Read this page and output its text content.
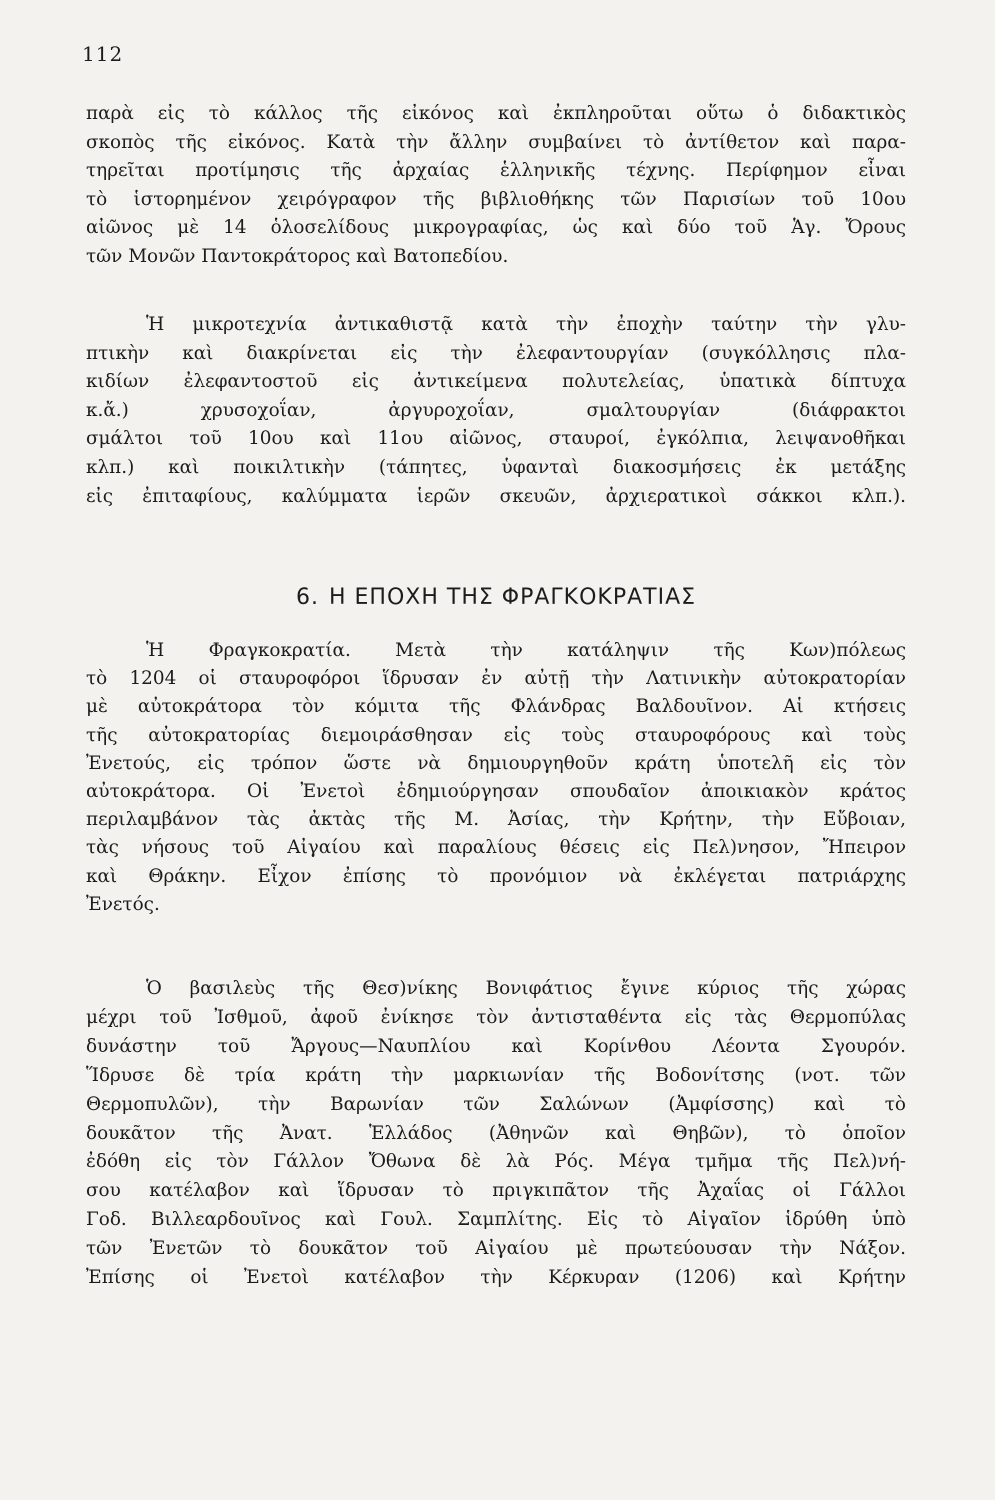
112
παρὰ εἰς τὸ κάλλος τῆς εἰκόνος καὶ ἐκπληροῦται οὕτω ὁ διδακτικὸς
σκοπὸς τῆς εἰκόνος. Κατὰ τὴν ἄλλην συμβαίνει τὸ ἀντίθετον καὶ παρα-
τηρεῖται προτίμησις τῆς ἀρχαίας ἑλληνικῆς τέχνης. Περίφημον εἶναι
τὸ ἱστορημένον χειρόγραφον τῆς βιβλιοθήκης τῶν Παρισίων τοῦ 10ου
αἰῶνος μὲ 14 ὁλοσελίδους μικρογραφίας, ὡς καὶ δύο τοῦ Ἁγ. Ὄρους
τῶν Μονῶν Παντοκράτορος καὶ Βατοπεδίου.
Ἡ μικροτεχνία ἀντικαθιστᾷ κατὰ τὴν ἐποχὴν ταύτην τὴν γλυ-
πτικὴν καὶ διακρίνεται εἰς τὴν ἐλεφαντουργίαν (συγκόλλησις πλα-
κιδίων ἐλεφαντοστοῦ εἰς ἀντικείμενα πολυτελείας, ὑπατικὰ δίπτυχα
κ.ἄ.) χρυσοχοΐαν, ἀργυροχοΐαν, σμαλτουργίαν (διάφρακτοι
σμάλτοι τοῦ 10ου καὶ 11ου αἰῶνος, σταυροί, ἐγκόλπια, λειψανοθῆκαι
κλπ.) καὶ ποικιλτικὴν (τάπητες, ὑφανταὶ διακοσμήσεις ἐκ μετάξης
εἰς ἐπιταφίους, καλύμματα ἱερῶν σκευῶν, ἀρχιερατικοὶ σάκκοι κλπ.).
6. Η ΕΠΟΧΗ ΤΗΣ ΦΡΑΓΚΟΚΡΑΤΙΑΣ
Ἡ Φραγκοκρατία. Μετὰ τὴν κατάληψιν τῆς Κων)πόλεως
τὸ 1204 οἱ σταυροφόροι ἵδρυσαν ἐν αὐτῇ τὴν Λατινικὴν αὐτοκρατορίαν
μὲ αὐτοκράτορα τὸν κόμιτα τῆς Φλάνδρας Βαλδουῖνον. Αἱ κτήσεις
τῆς αὐτοκρατορίας διεμοιράσθησαν εἰς τοὺς σταυροφόρους καὶ τοὺς
Ἐνετούς, εἰς τρόπον ὥστε νὰ δημιουργηθοῦν κράτη ὑποτελῆ εἰς τὸν
αὐτοκράτορα. Οἱ Ἐνετοὶ ἐδημιούργησαν σπουδαῖον ἀποικιακὸν κράτος
περιλαμβάνον τὰς ἀκτὰς τῆς Μ. Ἀσίας, τὴν Κρήτην, τὴν Εὔβοιαν,
τὰς νήσους τοῦ Αἰγαίου καὶ παραλίους θέσεις εἰς Πελ)νησον, Ἤπειρον
καὶ Θράκην. Εἶχον ἐπίσης τὸ προνόμιον νὰ ἐκλέγεται πατριάρχης
Ἐνετός.
Ὁ βασιλεὺς τῆς Θεσ)νίκης Βονιφάτιος ἔγινε κύριος τῆς χώρας
μέχρι τοῦ Ἰσθμοῦ, ἀφοῦ ἐνίκησε τὸν ἀντισταθέντα εἰς τὰς Θερμοπύλας
δυνάστην τοῦ Ἄργους—Ναυπλίου καὶ Κορίνθου Λέοντα Σγουρόν.
Ἵδρυσε δὲ τρία κράτη τὴν μαρκιωνίαν τῆς Βοδονίτσης (νοτ. τῶν
Θερμοπυλῶν), τὴν Βαρωνίαν τῶν Σαλώνων (Ἀμφίσσης) καὶ τὸ
δουκᾶτον τῆς Ἀνατ. Ἑλλάδος (Ἀθηνῶν καὶ Θηβῶν), τὸ ὁποῖον
ἐδόθη εἰς τὸν Γάλλον Ὄθωνα δὲ λὰ Ρός. Μέγα τμῆμα τῆς Πελ)νή-
σου κατέλαβον καὶ ἵδρυσαν τὸ πριγκιπᾶτον τῆς Ἀχαΐας οἱ Γάλλοι
Γοδ. Βιλλεαρδουῖνος καὶ Γουλ. Σαμπλίτης. Εἰς τὸ Αἰγαῖον ἱδρύθη ὑπὸ
τῶν Ἐνετῶν τὸ δουκᾶτον τοῦ Αἰγαίου μὲ πρωτεύουσαν τὴν Νάξον.
Ἐπίσης οἱ Ἐνετοὶ κατέλαβον τὴν Κέρκυραν (1206) καὶ Κρήτην
